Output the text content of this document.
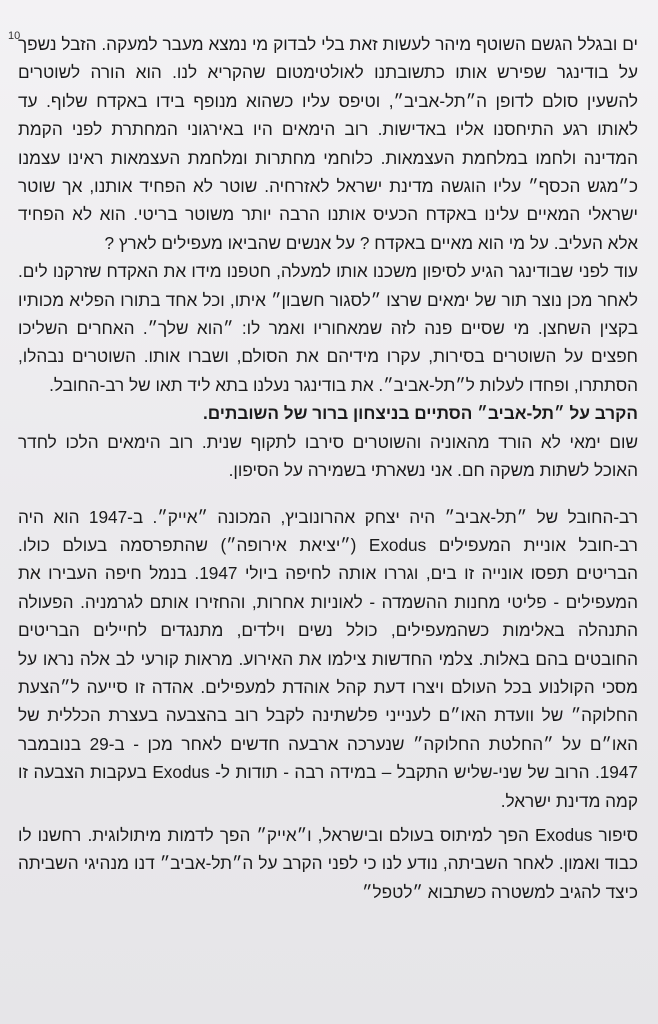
10

ים ובגלל הגשם השוטף מיהר לעשות זאת בלי לבדוק מי נמצא מעבר למעקה. הזבל נשפך על בודינגר שפירש אותו כתשובתנו לאולטימטום שהקריא לנו. הוא הורה לשוטרים להשעין סולם לדופן ה״תל-אביב״, וטיפס עליו כשהוא מנופף בידו באקדח שלוף. עד לאותו רגע התיחסנו אליו באדישות. רוב הימאים היו באירגוני המחתרת לפני הקמת המדינה ולחמו במלחמת העצמאות. כלוחמי מחתרות ומלחמת העצמאות ראינו עצמנו כ״מגש הכסף״ עליו הוגשה מדינת ישראל לאזרחיה. שוטר לא הפחיד אותנו, אך שוטר ישראלי המאיים עלינו באקדח הכעיס אותנו הרבה יותר משוטר בריטי. הוא לא הפחיד אלא העליב. על מי הוא מאיים באקדח ? על אנשים שהביאו מעפילים לארץ ?

עוד לפני שבודינגר הגיע לסיפון משכנו אותו למעלה, חטפנו מידו את האקדח שזרקנו לים. לאחר מכן נוצר תור של ימאים שרצו ״לסגור חשבון״ איתו, וכל אחד בתורו הפליא מכותיו בקצין השחצן. מי שסיים פנה לזה שמאחוריו ואמר לו: ״הוא שלך״. האחרים השליכו חפצים על השוטרים בסירות, עקרו מידיהם את הסולם, ושברו אותו. השוטרים נבהלו, הסתתרו, ופחדו לעלות ל״תל-אביב״. את בודינגר נעלנו בתא ליד תאו של רב-החובל.

הקרב על ״תל-אביב״ הסתיים בניצחון ברור של השובתים.

שום ימאי לא הורד מהאוניה והשוטרים סירבו לתקוף שנית. רוב הימאים הלכו לחדר האוכל לשתות משקה חם. אני נשארתי בשמירה על הסיפון.

רב-החובל של ״תל-אביב״ היה יצחק אהרונוביץ, המכונה ״אייק״. ב-1947 הוא היה רב-חובל אוניית המעפילים Exodus (״יציאת אירופה״) שהתפרסמה בעולם כולו. הבריטים תפסו אונייה זו בים, וגררו אותה לחיפה ביולי 1947. בנמל חיפה העבירו את המעפילים - פליטי מחנות ההשמדה - לאוניות אחרות, והחזירו אותם לגרמניה. הפעולה התנהלה באלימות כשהמעפילים, כולל נשים וילדים, מתנגדים לחיילים הבריטים החובטים בהם באלות. צלמי החדשות צילמו את האירוע. מראות קורעי לב אלה נראו על מסכי הקולנוע בכל העולם ויצרו דעת קהל אוהדת למעפילים. אהדה זו סייעה ל״הצעת החלוקה״ של וועדת האו״ם לענייני פלשתינה לקבל רוב בהצבעה בעצרת הכללית של האו״ם על ״החלטת החלוקה״ שנערכה ארבעה חדשים לאחר מכן - ב-29 בנובמבר 1947. הרוב של שני-שליש התקבל – במידה רבה - תודות ל- Exodus בעקבות הצבעה זו קמה מדינת ישראל.

סיפור Exodus הפך למיתוס בעולם ובישראל, ו״אייק״ הפך לדמות מיתולוגית. רחשנו לו כבוד ואמון. לאחר השביתה, נודע לנו כי לפני הקרב על ה״תל-אביב״ דנו מנהיגי השביתה כיצד להגיב למשטרה כשתבוא ״לטפל״
